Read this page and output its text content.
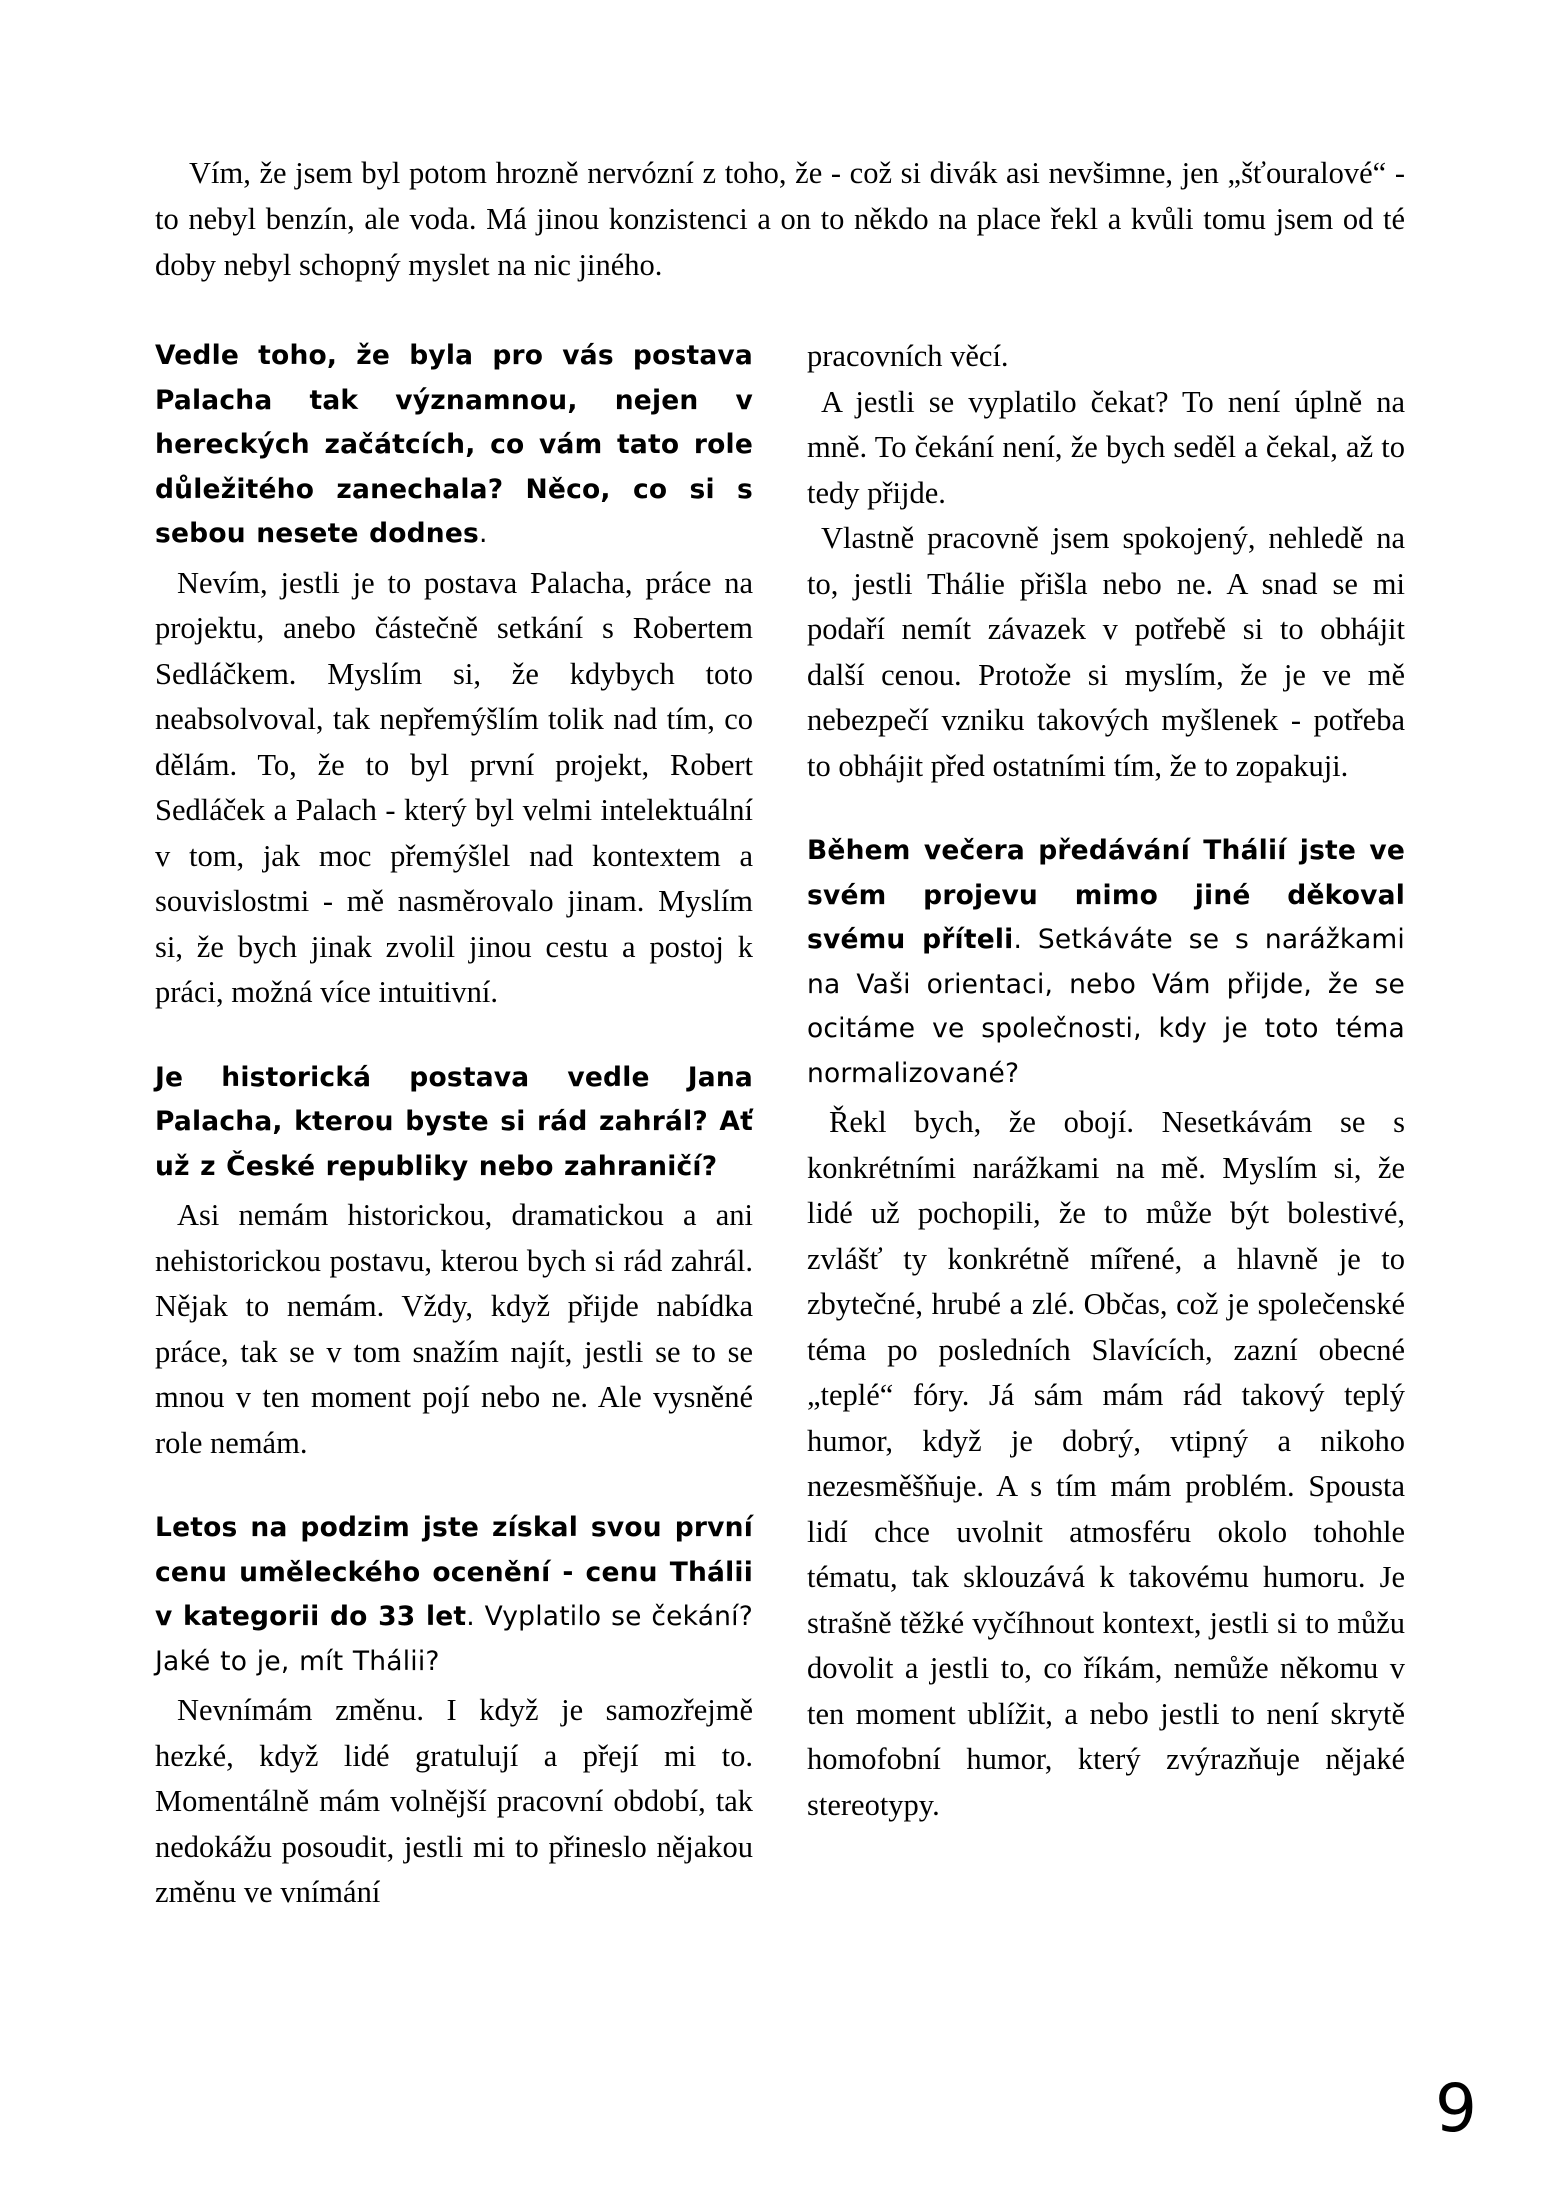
Vím, že jsem byl potom hrozně nervózní z toho, že - což si divák asi nevšimne, jen „šťouralové“ - to nebyl benzín, ale voda. Má jinou konzistenci a on to někdo na place řekl a kvůli tomu jsem od té doby nebyl schopný myslet na nic jiného.

Vedle toho, že byla pro vás postava Palacha tak významnou, nejen v hereckých začátcích, co vám tato role důležitého zanechala? Něco, co si s sebou nesete dodnes.

Nevím, jestli je to postava Palacha, práce na projektu, anebo částečně setkání s Robertem Sedláčkem. Myslím si, že kdybych toto neabsolvoval, tak nepřemýšlím tolik nad tím, co dělám. To, že to byl první projekt, Robert Sedláček a Palach - který byl velmi intelektuální v tom, jak moc přemýšlel nad kontextem a souvislostmi - mě nasměrovalo jinam. Myslím si, že bych jinak zvolil jinou cestu a postoj k práci, možná více intuitivní.

Je historická postava vedle Jana Palacha, kterou byste si rád zahrál? Ať už z České republiky nebo zahraničí?

Asi nemám historickou, dramatickou a ani nehistorickou postavu, kterou bych si rád zahrál. Nějak to nemám. Vždy, když přijde nabídka práce, tak se v tom snažím najít, jestli se to se mnou v ten moment pojí nebo ne. Ale vysněné role nemám.

Letos na podzim jste získal svou první cenu uměleckého ocenění - cenu Thálii v kategorii do 33 let. Vyplatilo se čekání? Jaké to je, mít Thálii?

Nevnímám změnu. I když je samozřejmě hezké, když lidé gratulují a přejí mi to. Momentálně mám volnější pracovní období, tak nedokážu posoudit, jestli mi to přineslo nějakou změnu ve vnímání

pracovních věcí.

A jestli se vyplatilo čekat? To není úplně na mně. To čekání není, že bych seděl a čekal, až to tedy přijde.

Vlastně pracovně jsem spokojený, nehledě na to, jestli Thálie přišla nebo ne. A snad se mi podaří nemít závazek v potřebě si to obhájit další cenou. Protože si myslím, že je ve mě nebezpečí vzniku takových myšlenek - potřeba to obhájit před ostatními tím, že to zopakuji.

Během večera předávání Thálií jste ve svém projevu mimo jiné děkoval svému příteli. Setkáváte se s narážkami na Vaši orientaci, nebo Vám přijde, že se ocitáme ve společnosti, kdy je toto téma normalizované?

Řekl bych, že obojí. Nesetkávám se s konkrétními narážkami na mě. Myslím si, že lidé už pochopili, že to může být bolestivé, zvlášť ty konkrétně mířené, a hlavně je to zbytečné, hrubé a zlé. Občas, což je společenské téma po posledních Slavících, zazní obecné „teplé“ fóry. Já sám mám rád takový teplý humor, když je dobrý, vtipný a nikoho nezesměšňuje. A s tím mám problém. Spousta lidí chce uvolnit atmosféru okolo tohohle tématu, tak sklouzává k takovému humoru. Je strašně těžké vyčíhnout kontext, jestli si to můžu dovolit a jestli to, co říkám, nemůže někomu v ten moment ublížit, a nebo jestli to není skrytě homofobní humor, který zvýrazňuje nějaké stereotypy.

9
